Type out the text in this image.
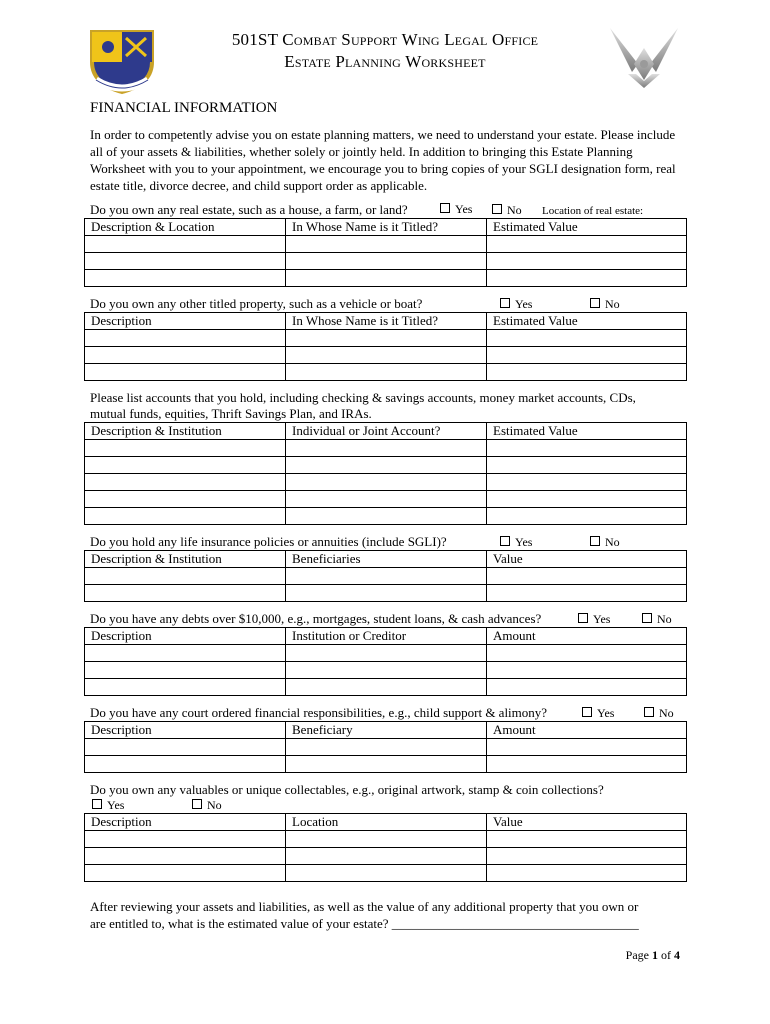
501ST Combat Support Wing Legal Office
Estate Planning Worksheet
FINANCIAL INFORMATION
In order to competently advise you on estate planning matters, we need to understand your estate. Please include all of your assets & liabilities, whether solely or jointly held. In addition to bringing this Estate Planning Worksheet with you to your appointment, we encourage you to bring copies of your SGLI designation form, real estate title, divorce decree, and child support order as applicable.
Do you own any real estate, such as a house, a farm, or land?	Yes	No Location of real estate:
Description & Location	In Whose Name is it Titled?	Estimated Value

Do you own any other titled property, such as a vehicle or boat?	Yes	No
Description	In Whose Name is it Titled?	Estimated Value

Please list accounts that you hold, including checking & savings accounts, money market accounts, CDs,
mutual funds, equities, Thrift Savings Plan, and IRAs.
Description & Institution	Individual or Joint Account?	Estimated Value

Do you hold any life insurance policies or annuities (include SGLI)?	Yes	No
Description & Institution	Beneficiaries	Value

Do you have any debts over $10,000, e.g., mortgages, student loans, & cash advances?	Yes	No
Description	Institution or Creditor	Amount

Do you have any court ordered financial responsibilities, e.g., child support & alimony?	Yes	No
Description	Beneficiary	Amount

Do you own any valuables or unique collectables, e.g., original artwork, stamp & coin collections?
Yes	No
Description	Location	Value

After reviewing your assets and liabilities, as well as the value of any additional property that you own or
are entitled to, what is the estimated value of your estate? ______________________________________
Page 1 of 4
